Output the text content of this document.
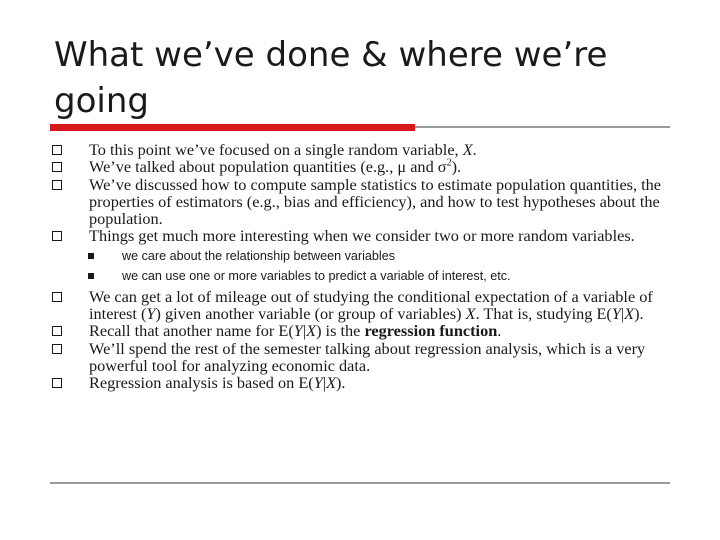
What we’ve done & where we’re going
To this point we’ve focused on a single random variable, X.
We’ve talked about population quantities (e.g., μ and $\sigma^2$).
We’ve discussed how to compute sample statistics to estimate population quantities, the properties of estimators (e.g., bias and efficiency), and how to test hypotheses about the population.
Things get much more interesting when we consider two or more random variables.
we care about the relationship between variables
we can use one or more variables to predict a variable of interest, etc.
We can get a lot of mileage out of studying the conditional expectation of a variable of interest (Y) given another variable (or group of variables) X. That is, studying E(Y|X).
Recall that another name for E(Y|X) is the regression function.
We’ll spend the rest of the semester talking about regression analysis, which is a very powerful tool for analyzing economic data.
Regression analysis is based on E(Y|X).
